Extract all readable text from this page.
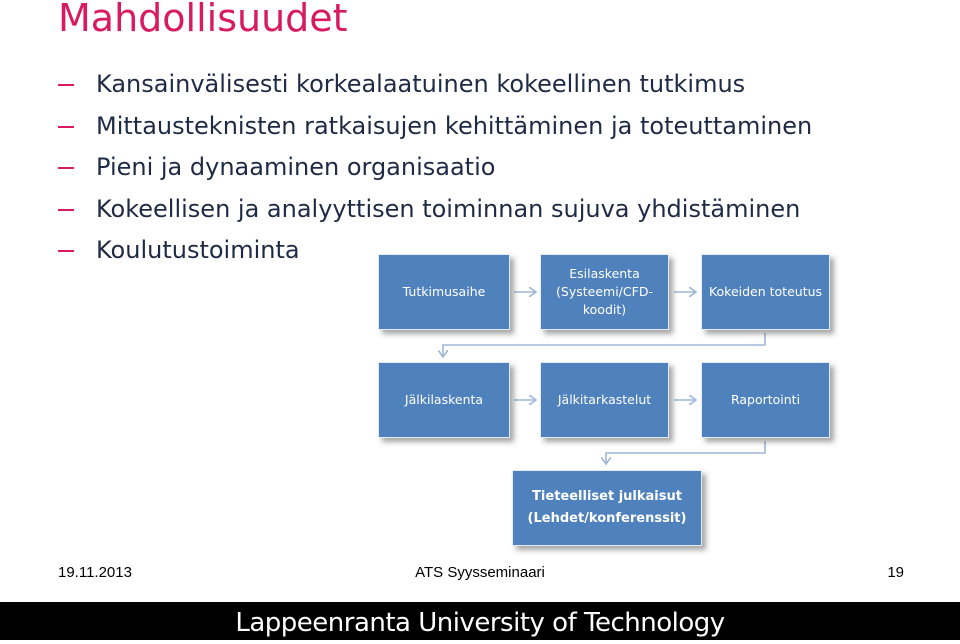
Mahdollisuudet
Kansainvälisesti korkealaatuinen kokeellinen tutkimus
Mittausteknisten ratkaisujen kehittäminen ja toteuttaminen
Pieni ja dynaaminen organisaatio
Kokeellisen ja analyyttisen toiminnan sujuva yhdistäminen
Koulutustoiminta
Tutkimusaihe
Esilaskenta
(Systeemi/CFD-
koodit)
Kokeiden toteutus
Jälkilaskenta	Jälkitarkastelut	Raportointi
Tieteelliset julkaisut
(Lehdet/konferenssit)
19.11.2013	ATS Syysseminaari	19
Lappeenranta University of Technology
